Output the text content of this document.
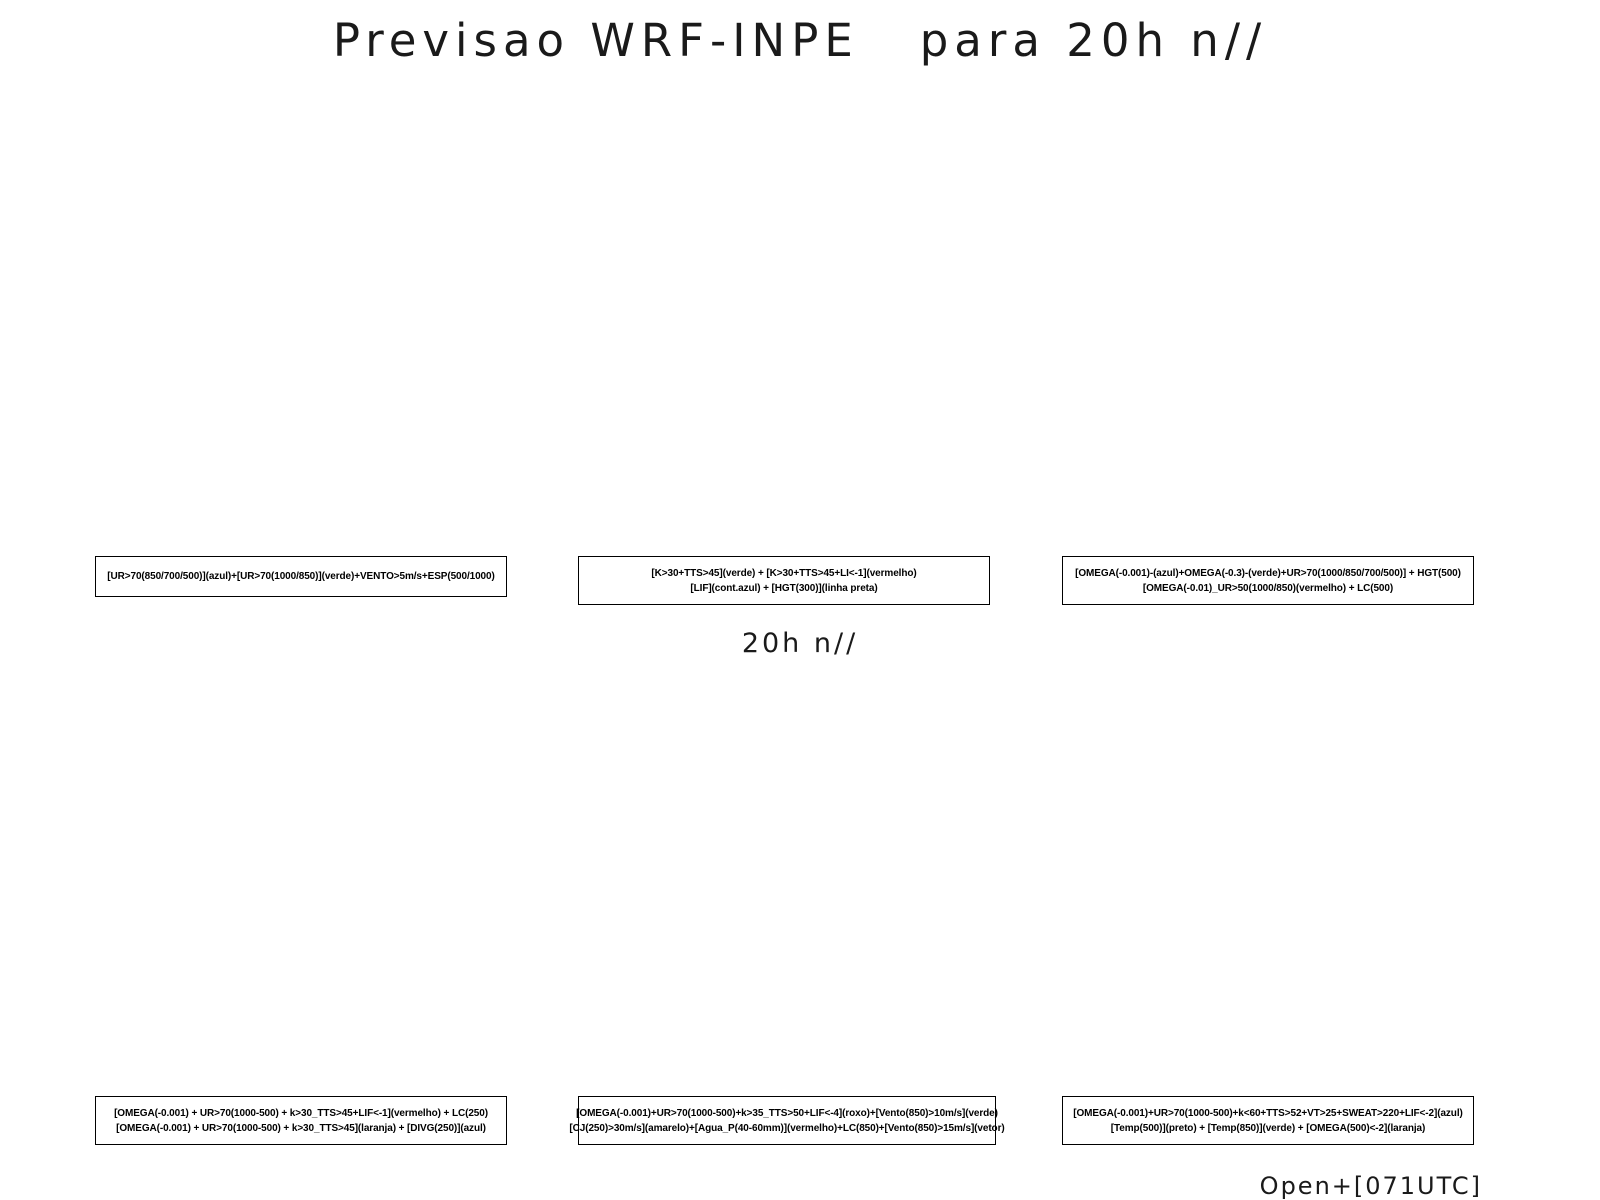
Previsao WRF-INPE   para 20h n//
[UR>70(850/700/500)](azul)+[UR>70(1000/850)](verde)+VENTO>5m/s+ESP(500/1000)	[K>30+TTS>45](verde) + [K>30+TTS>45+LI<-1](vermelho)
[LIF](cont.azul) + [HGT(300)](linha preta)
[OMEGA(-0.001)-(azul)+OMEGA(-0.3)-(verde)+UR>70(1000/850/700/500)] + HGT(500)
[OMEGA(-0.01)_UR>50(1000/850)(vermelho) + LC(500)
20h n//
[OMEGA(-0.001) + UR>70(1000-500) + k>30_TTS>45+LIF<-1](vermelho) + LC(250)
[OMEGA(-0.001) + UR>70(1000-500) + k>30_TTS>45](laranja) + [DIVG(250)](azul)
[OMEGA(-0.001)+UR>70(1000-500)+k>35_TTS>50+LIF<-4](roxo)+[Vento(850)>10m/s](verde)
[CJ(250)>30m/s](amarelo)+[Agua_P(40-60mm)](vermelho)+LC(850)+[Vento(850)>15m/s](vetor)
[OMEGA(-0.001)+UR>70(1000-500)+k<60+TTS>52+VT>25+SWEAT>220+LIF<-2](azul)
[Temp(500)](preto) + [Temp(850)](verde) + [OMEGA(500)<-2](laranja)
Open+[071UTC]
